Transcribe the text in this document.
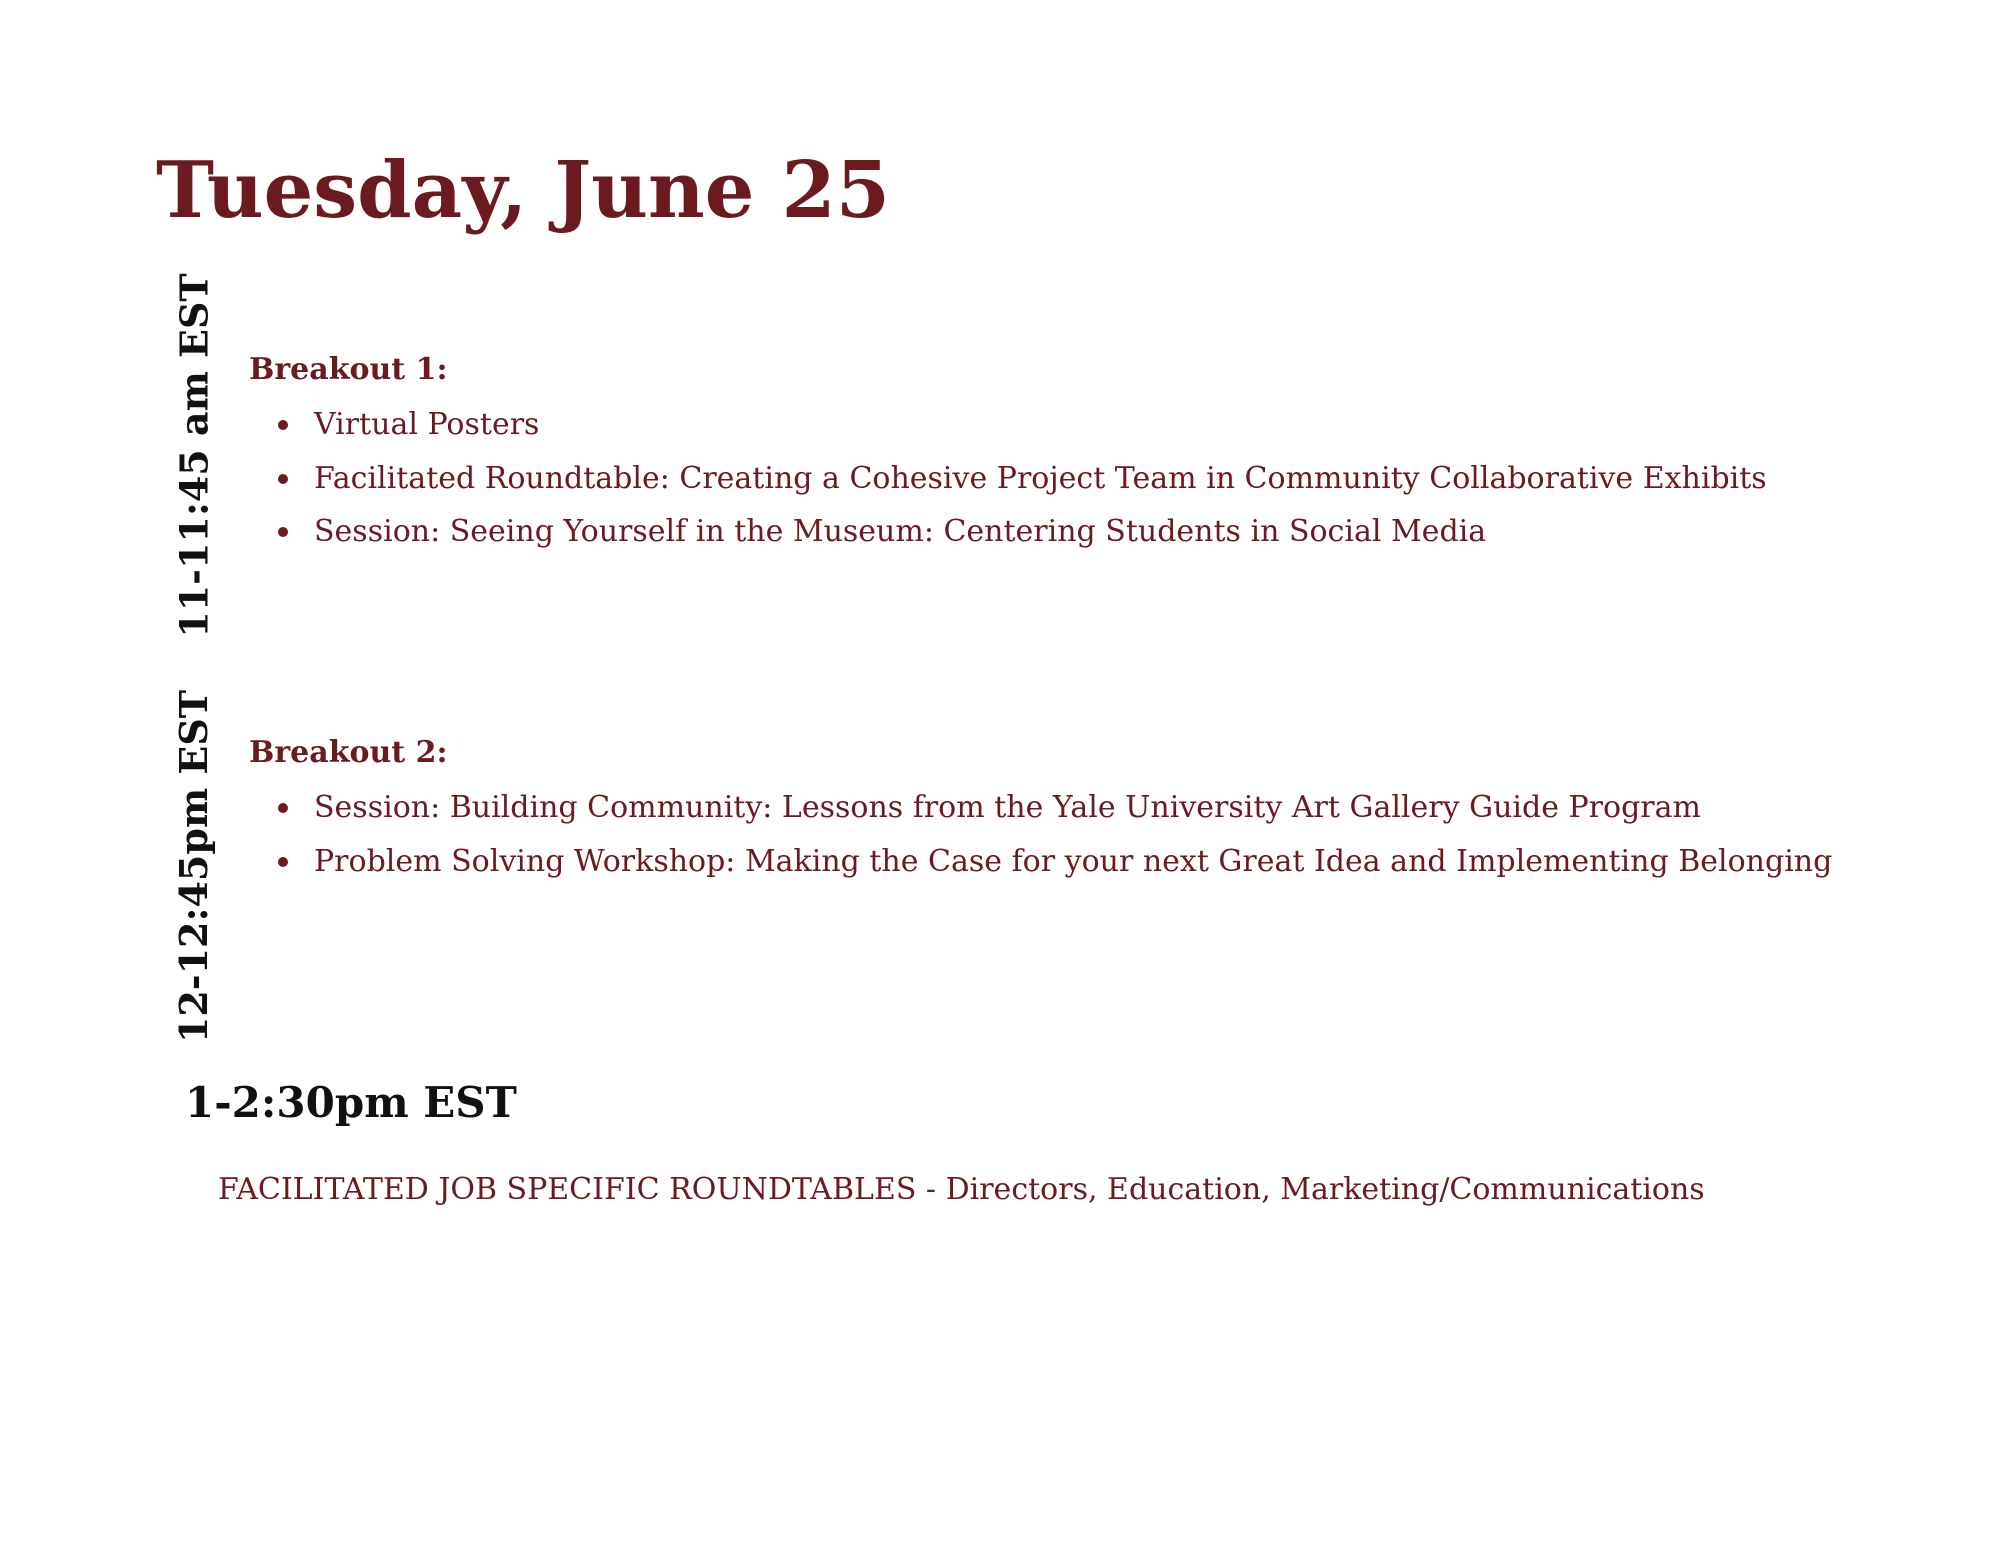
Tuesday, June 25
11-11:45 am EST Breakout 1:
Virtual Posters
Facilitated Roundtable: Creating a Cohesive Project Team in Community Collaborative Exhibits
Session: Seeing Yourself in the Museum: Centering Students in Social Media
12-12:45pm EST Breakout 2:
Session: Building Community: Lessons from the Yale University Art Gallery Guide Program
Problem Solving Workshop: Making the Case for your next Great Idea and Implementing Belonging
1-2:30pm EST

FACILITATED JOB SPECIFIC ROUNDTABLES - Directors, Education, Marketing/Communications
